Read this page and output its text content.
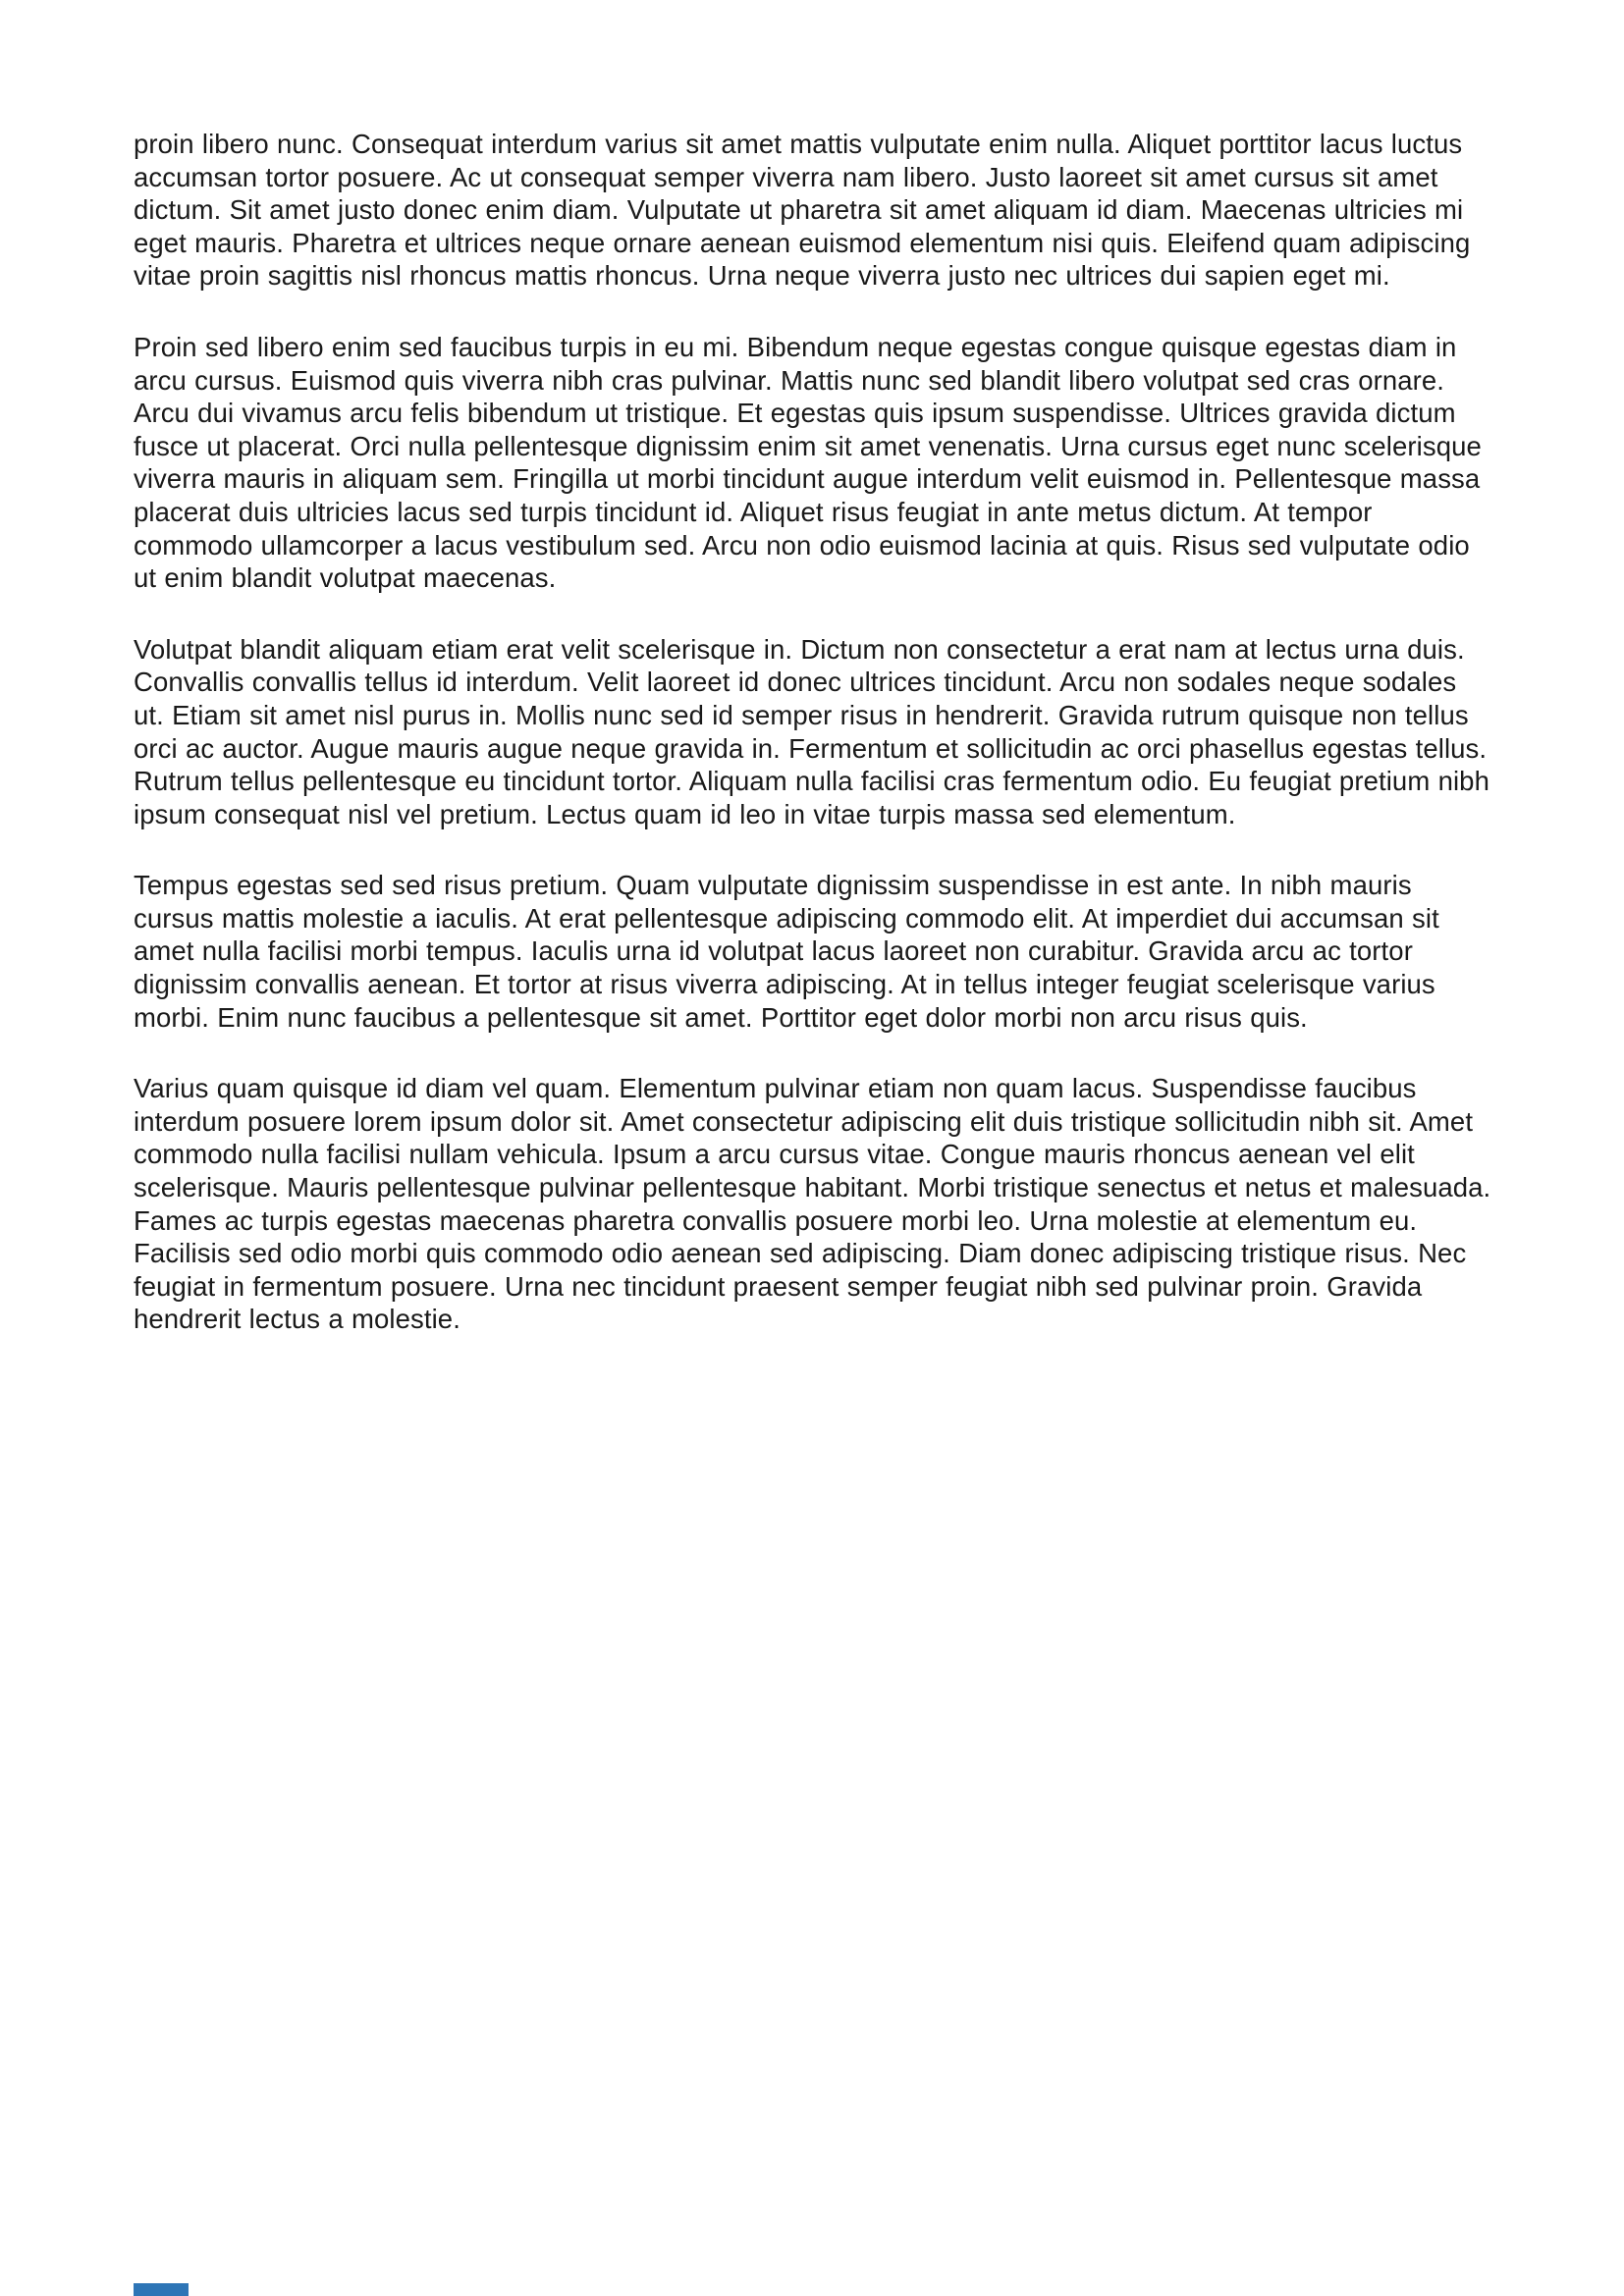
proin libero nunc. Consequat interdum varius sit amet mattis vulputate enim nulla. Aliquet porttitor lacus luctus accumsan tortor posuere. Ac ut consequat semper viverra nam libero. Justo laoreet sit amet cursus sit amet dictum. Sit amet justo donec enim diam. Vulputate ut pharetra sit amet aliquam id diam. Maecenas ultricies mi eget mauris. Pharetra et ultrices neque ornare aenean euismod elementum nisi quis. Eleifend quam adipiscing vitae proin sagittis nisl rhoncus mattis rhoncus. Urna neque viverra justo nec ultrices dui sapien eget mi.

Proin sed libero enim sed faucibus turpis in eu mi. Bibendum neque egestas congue quisque egestas diam in arcu cursus. Euismod quis viverra nibh cras pulvinar. Mattis nunc sed blandit libero volutpat sed cras ornare. Arcu dui vivamus arcu felis bibendum ut tristique. Et egestas quis ipsum suspendisse. Ultrices gravida dictum fusce ut placerat. Orci nulla pellentesque dignissim enim sit amet venenatis. Urna cursus eget nunc scelerisque viverra mauris in aliquam sem. Fringilla ut morbi tincidunt augue interdum velit euismod in. Pellentesque massa placerat duis ultricies lacus sed turpis tincidunt id. Aliquet risus feugiat in ante metus dictum. At tempor commodo ullamcorper a lacus vestibulum sed. Arcu non odio euismod lacinia at quis. Risus sed vulputate odio ut enim blandit volutpat maecenas.

Volutpat blandit aliquam etiam erat velit scelerisque in. Dictum non consectetur a erat nam at lectus urna duis. Convallis convallis tellus id interdum. Velit laoreet id donec ultrices tincidunt. Arcu non sodales neque sodales ut. Etiam sit amet nisl purus in. Mollis nunc sed id semper risus in hendrerit. Gravida rutrum quisque non tellus orci ac auctor. Augue mauris augue neque gravida in. Fermentum et sollicitudin ac orci phasellus egestas tellus. Rutrum tellus pellentesque eu tincidunt tortor. Aliquam nulla facilisi cras fermentum odio. Eu feugiat pretium nibh ipsum consequat nisl vel pretium. Lectus quam id leo in vitae turpis massa sed elementum.

Tempus egestas sed sed risus pretium. Quam vulputate dignissim suspendisse in est ante. In nibh mauris cursus mattis molestie a iaculis. At erat pellentesque adipiscing commodo elit. At imperdiet dui accumsan sit amet nulla facilisi morbi tempus. Iaculis urna id volutpat lacus laoreet non curabitur. Gravida arcu ac tortor dignissim convallis aenean. Et tortor at risus viverra adipiscing. At in tellus integer feugiat scelerisque varius morbi. Enim nunc faucibus a pellentesque sit amet. Porttitor eget dolor morbi non arcu risus quis.

Varius quam quisque id diam vel quam. Elementum pulvinar etiam non quam lacus. Suspendisse faucibus interdum posuere lorem ipsum dolor sit. Amet consectetur adipiscing elit duis tristique sollicitudin nibh sit. Amet commodo nulla facilisi nullam vehicula. Ipsum a arcu cursus vitae. Congue mauris rhoncus aenean vel elit scelerisque. Mauris pellentesque pulvinar pellentesque habitant. Morbi tristique senectus et netus et malesuada. Fames ac turpis egestas maecenas pharetra convallis posuere morbi leo. Urna molestie at elementum eu. Facilisis sed odio morbi quis commodo odio aenean sed adipiscing. Diam donec adipiscing tristique risus. Nec feugiat in fermentum posuere. Urna nec tincidunt praesent semper feugiat nibh sed pulvinar proin. Gravida hendrerit lectus a molestie.
